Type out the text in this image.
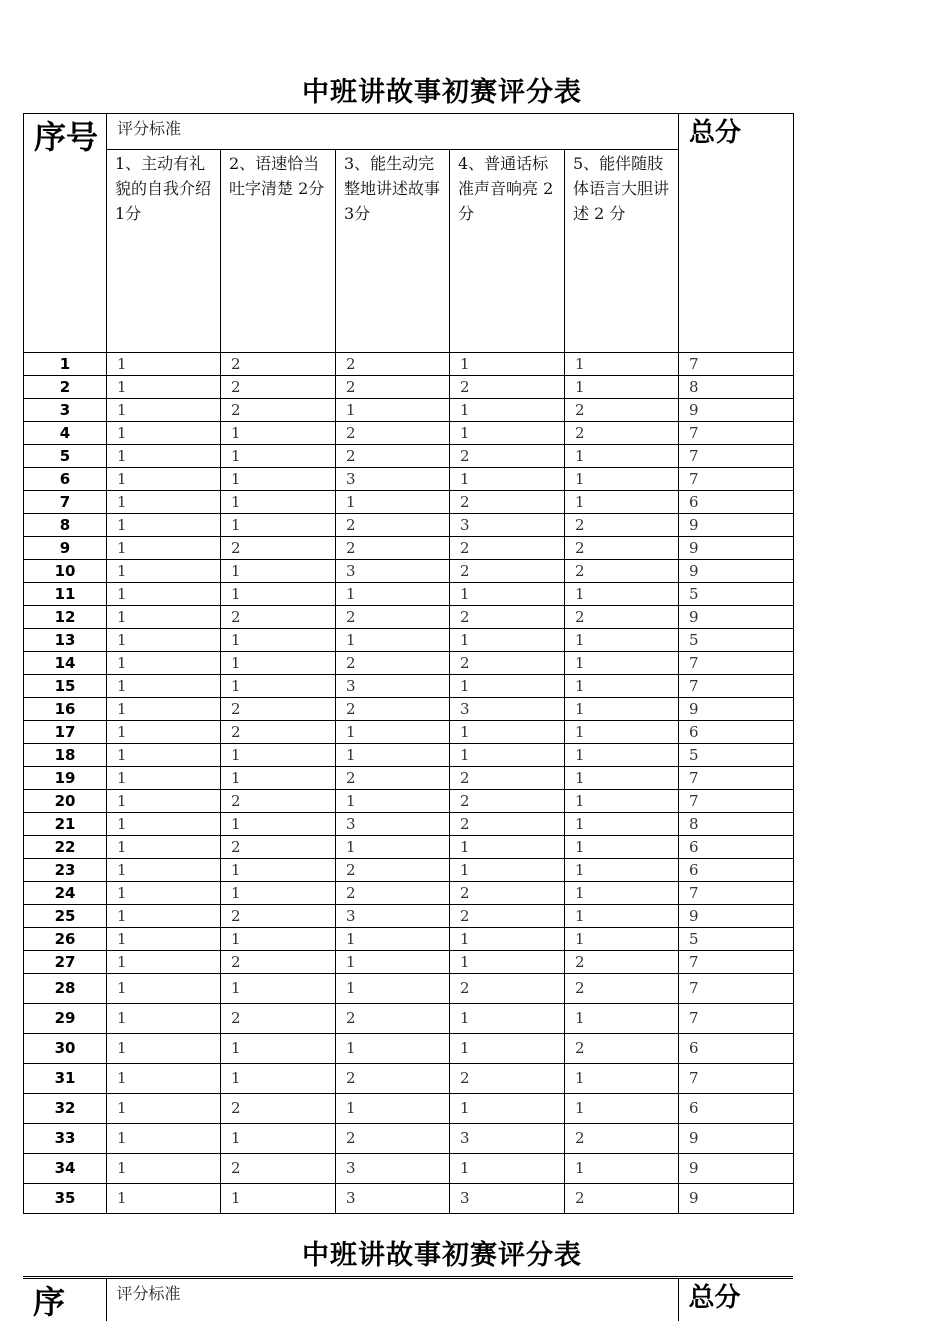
中班讲故事初赛评分表
序号	评分标准					总分
	1、主动有礼貌的自我介绍 1分	2、语速恰当吐字清楚 2分	3、能生动完整地讲述故事 3分	4、普通话标准声音响亮 2分	5、能伴随肢体语言大胆讲述 2 分	
1	1	2	2	1	1	7
2	1	2	2	2	1	8
3	1	2	1	1	2	9
4	1	1	2	1	2	7
5	1	1	2	2	1	7
6	1	1	3	1	1	7
7	1	1	1	2	1	6
8	1	1	2	3	2	9
9	1	2	2	2	2	9
10	1	1	3	2	2	9
11	1	1	1	1	1	5
12	1	2	2	2	2	9
13	1	1	1	1	1	5
14	1	1	2	2	1	7
15	1	1	3	1	1	7
16	1	2	2	3	1	9
17	1	2	1	1	1	6
18	1	1	1	1	1	5
19	1	1	2	2	1	7
20	1	2	1	2	1	7
21	1	1	3	2	1	8
22	1	2	1	1	1	6
23	1	1	2	1	1	6
24	1	1	2	2	1	7
25	1	2	3	2	1	9
26	1	1	1	1	1	5
27	1	2	1	1	2	7
28	1	1	1	2	2	7
29	1	2	2	1	1	7
30	1	1	1	1	2	6
31	1	1	2	2	1	7
32	1	2	1	1	1	6
33	1	1	2	3	2	9
34	1	2	3	1	1	9
35	1	1	3	3	2	9
中班讲故事初赛评分表
序	评分标准	总分
